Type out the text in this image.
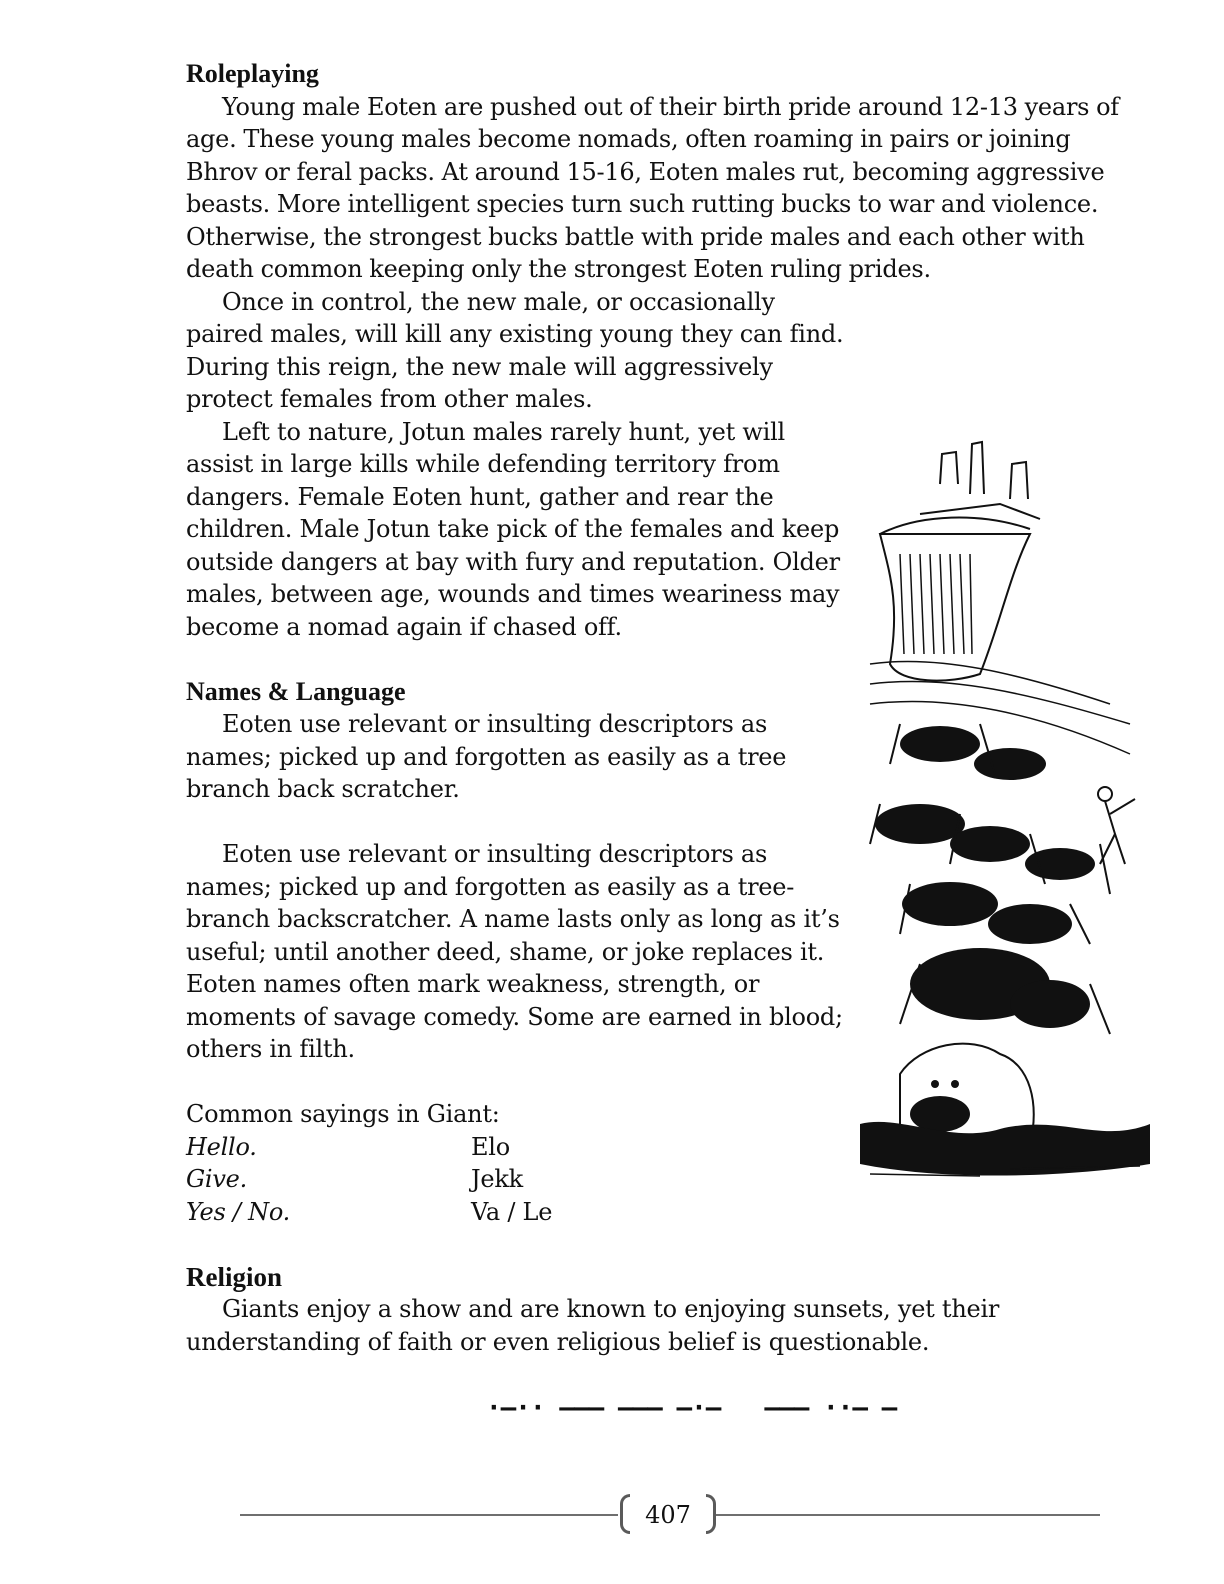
Roleplaying

Young male Eoten are pushed out of their birth pride around 12-13 years of age. These young males become nomads, often roaming in pairs or joining Bhrov or feral packs. At around 15-16, Eoten males rut, becoming aggressive beasts. More intelligent species turn such rutting bucks to war and violence. Otherwise, the strongest bucks battle with pride males and each other with death common keeping only the strongest Eoten ruling prides.

Once in control, the new male, or occasionally paired males, will kill any existing young they can find. During this reign, the new male will aggressively protect females from other males.

Left to nature, Jotun males rarely hunt, yet will assist in large kills while defending territory from dangers. Female Eoten hunt, gather and rear the children. Male Jotun take pick of the females and keep outside dangers at bay with fury and reputation. Older males, between age, wounds and times weariness may become a nomad again if chased off.

Names & Language

Eoten use relevant or insulting descriptors as names; picked up and forgotten as easily as a tree branch back scratcher.

Eoten use relevant or insulting descriptors as names; picked up and forgotten as easily as a tree-branch backscratcher. A name lasts only as long as it’s useful; until another deed, shame, or joke replaces it. Eoten names often mark weakness, strength, or moments of savage comedy. Some are earned in blood; others in filth.

Common sayings in Giant:

Hello.	Elo
Give.	Jekk
Yes / No.	Va / Le
Religion

Giants enjoy a show and are known to enjoying sunsets, yet their understanding of faith or even religious belief is questionable.

·–·· ––– ––– –·–   ––– ··– –
407
